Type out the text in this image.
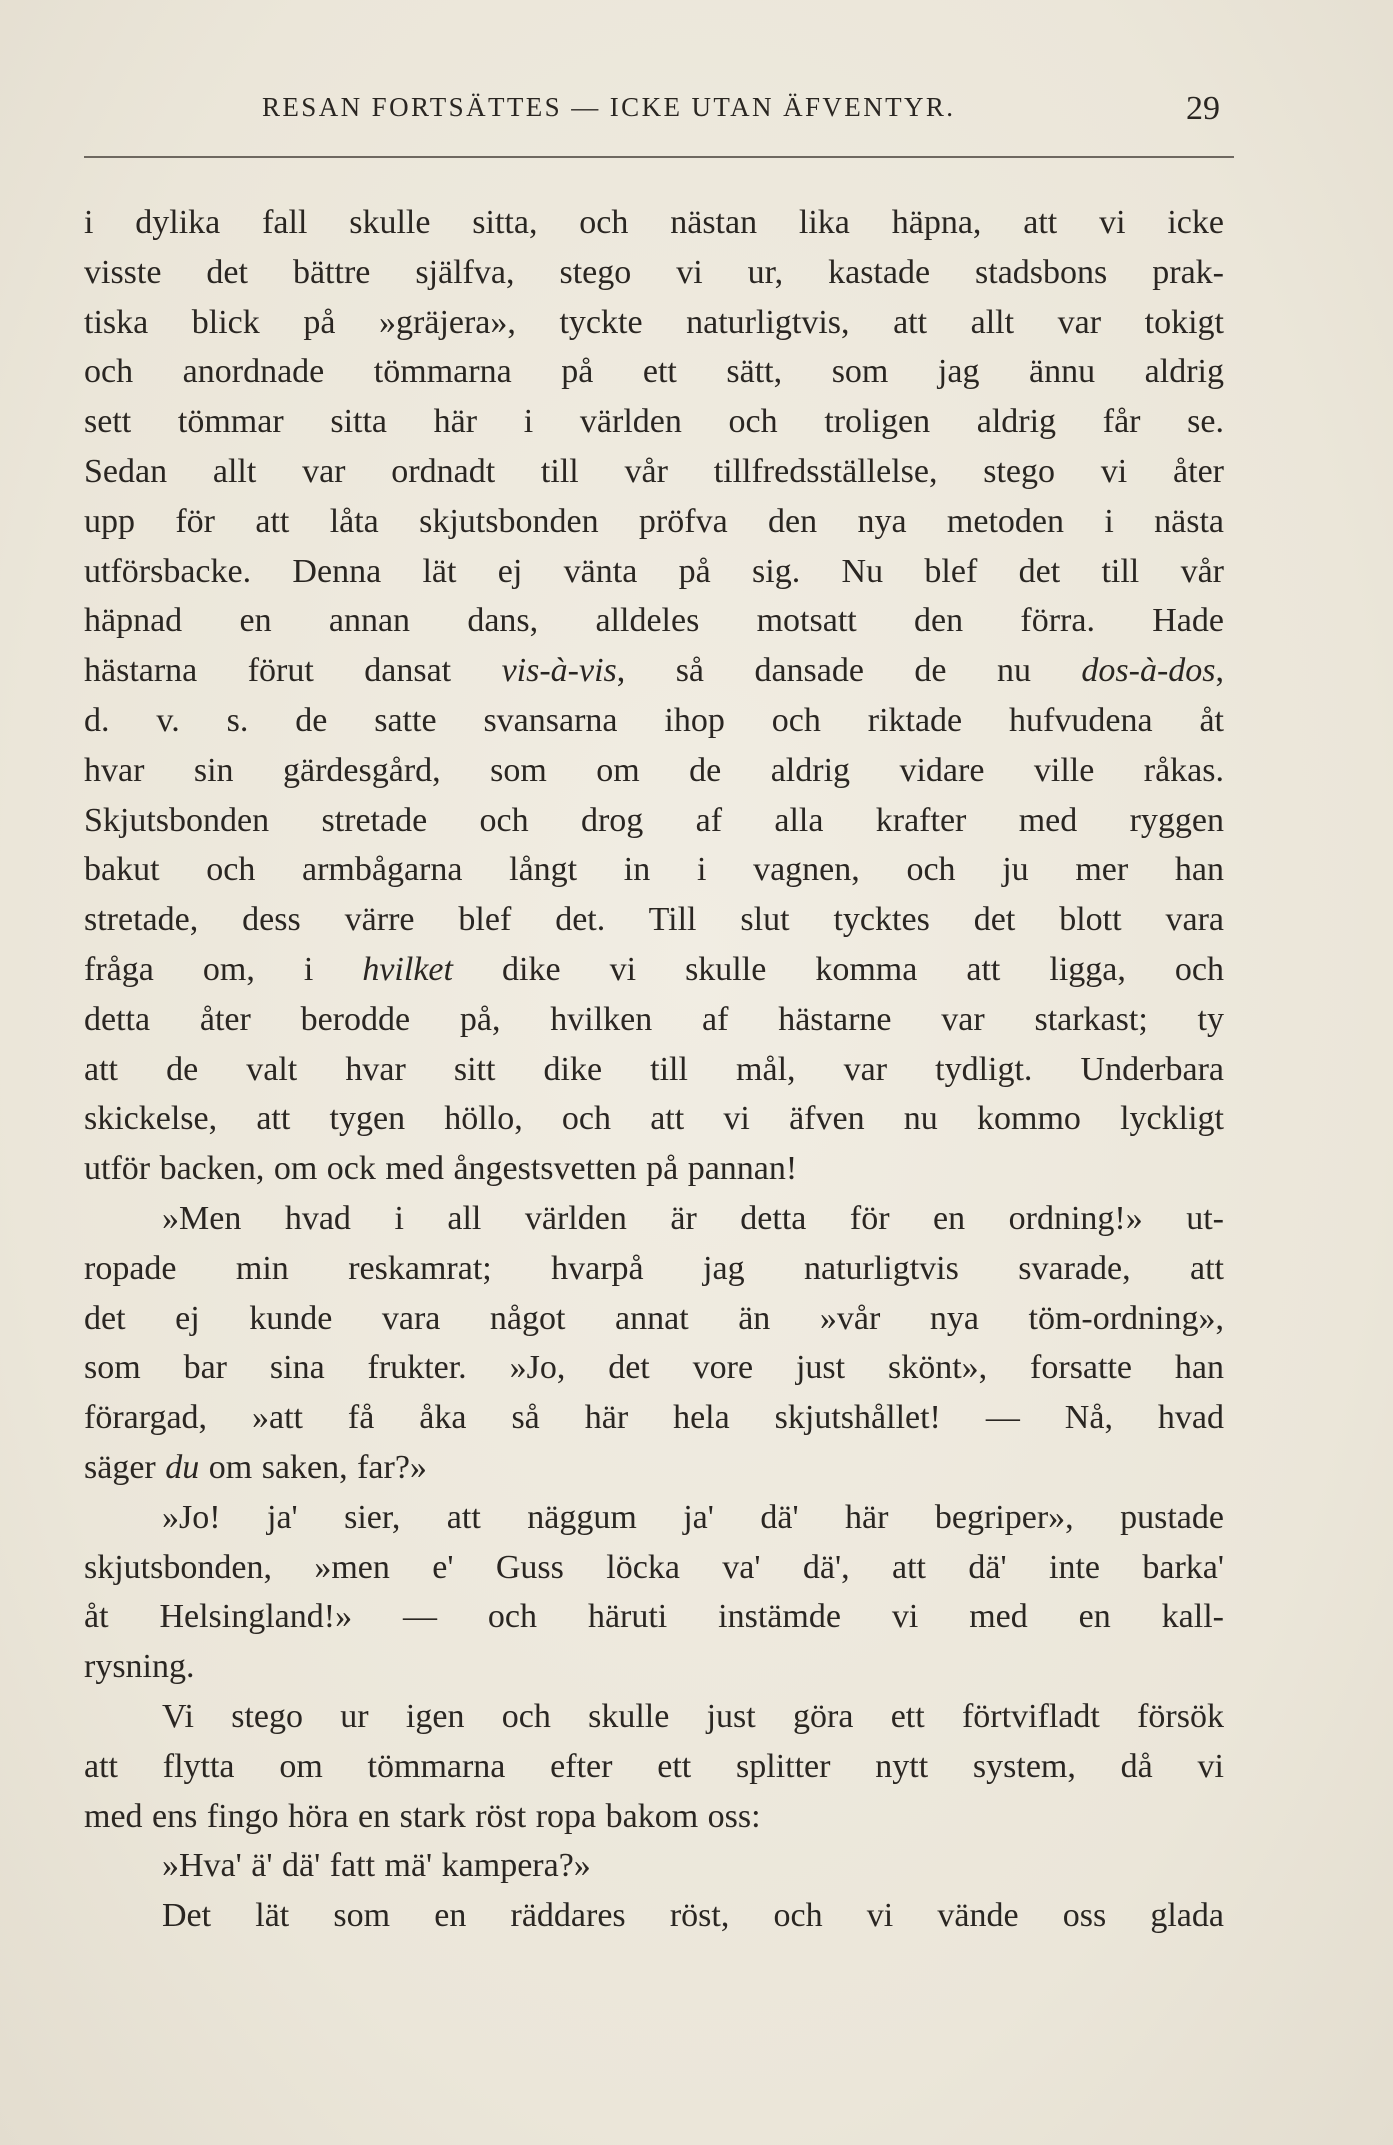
RESAN FORTSÄTTES — ICKE UTAN ÄFVENTYR.	29
i dylika fall skulle sitta, och nästan lika häpna, att vi icke
visste det bättre själfva, stego vi ur, kastade stadsbons prak-
tiska blick på »gräjera», tyckte naturligtvis, att allt var tokigt
och anordnade tömmarna på ett sätt, som jag ännu aldrig
sett tömmar sitta här i världen och troligen aldrig får se.
Sedan allt var ordnadt till vår tillfredsställelse, stego vi åter
upp för att låta skjutsbonden pröfva den nya metoden i nästa
utförsbacke. Denna lät ej vänta på sig. Nu blef det till vår
häpnad en annan dans, alldeles motsatt den förra. Hade
hästarna förut dansat vis-à-vis, så dansade de nu dos-à-dos,
d. v. s. de satte svansarna ihop och riktade hufvudena åt
hvar sin gärdesgård, som om de aldrig vidare ville råkas.
Skjutsbonden stretade och drog af alla krafter med ryggen
bakut och armbågarna långt in i vagnen, och ju mer han
stretade, dess värre blef det. Till slut tycktes det blott vara
fråga om, i hvilket dike vi skulle komma att ligga, och
detta åter berodde på, hvilken af hästarne var starkast; ty
att de valt hvar sitt dike till mål, var tydligt. Underbara
skickelse, att tygen höllo, och att vi äfven nu kommo lyckligt
utför backen, om ock med ångestsvetten på pannan!
»Men hvad i all världen är detta för en ordning!» ut-
ropade min reskamrat; hvarpå jag naturligtvis svarade, att
det ej kunde vara något annat än »vår nya töm-ordning»,
som bar sina frukter. »Jo, det vore just skönt», forsatte han
förargad, »att få åka så här hela skjutshållet! — Nå, hvad
säger du om saken, far?»
»Jo! ja' sier, att näggum ja' dä' här begriper», pustade
skjutsbonden, »men e' Guss löcka va' dä', att dä' inte barka'
åt Helsingland!» — och häruti instämde vi med en kall-
rysning.
Vi stego ur igen och skulle just göra ett förtvifladt försök
att flytta om tömmarna efter ett splitter nytt system, då vi
med ens fingo höra en stark röst ropa bakom oss:
»Hva' ä' dä' fatt mä' kampera?»
Det lät som en räddares röst, och vi vände oss glada
